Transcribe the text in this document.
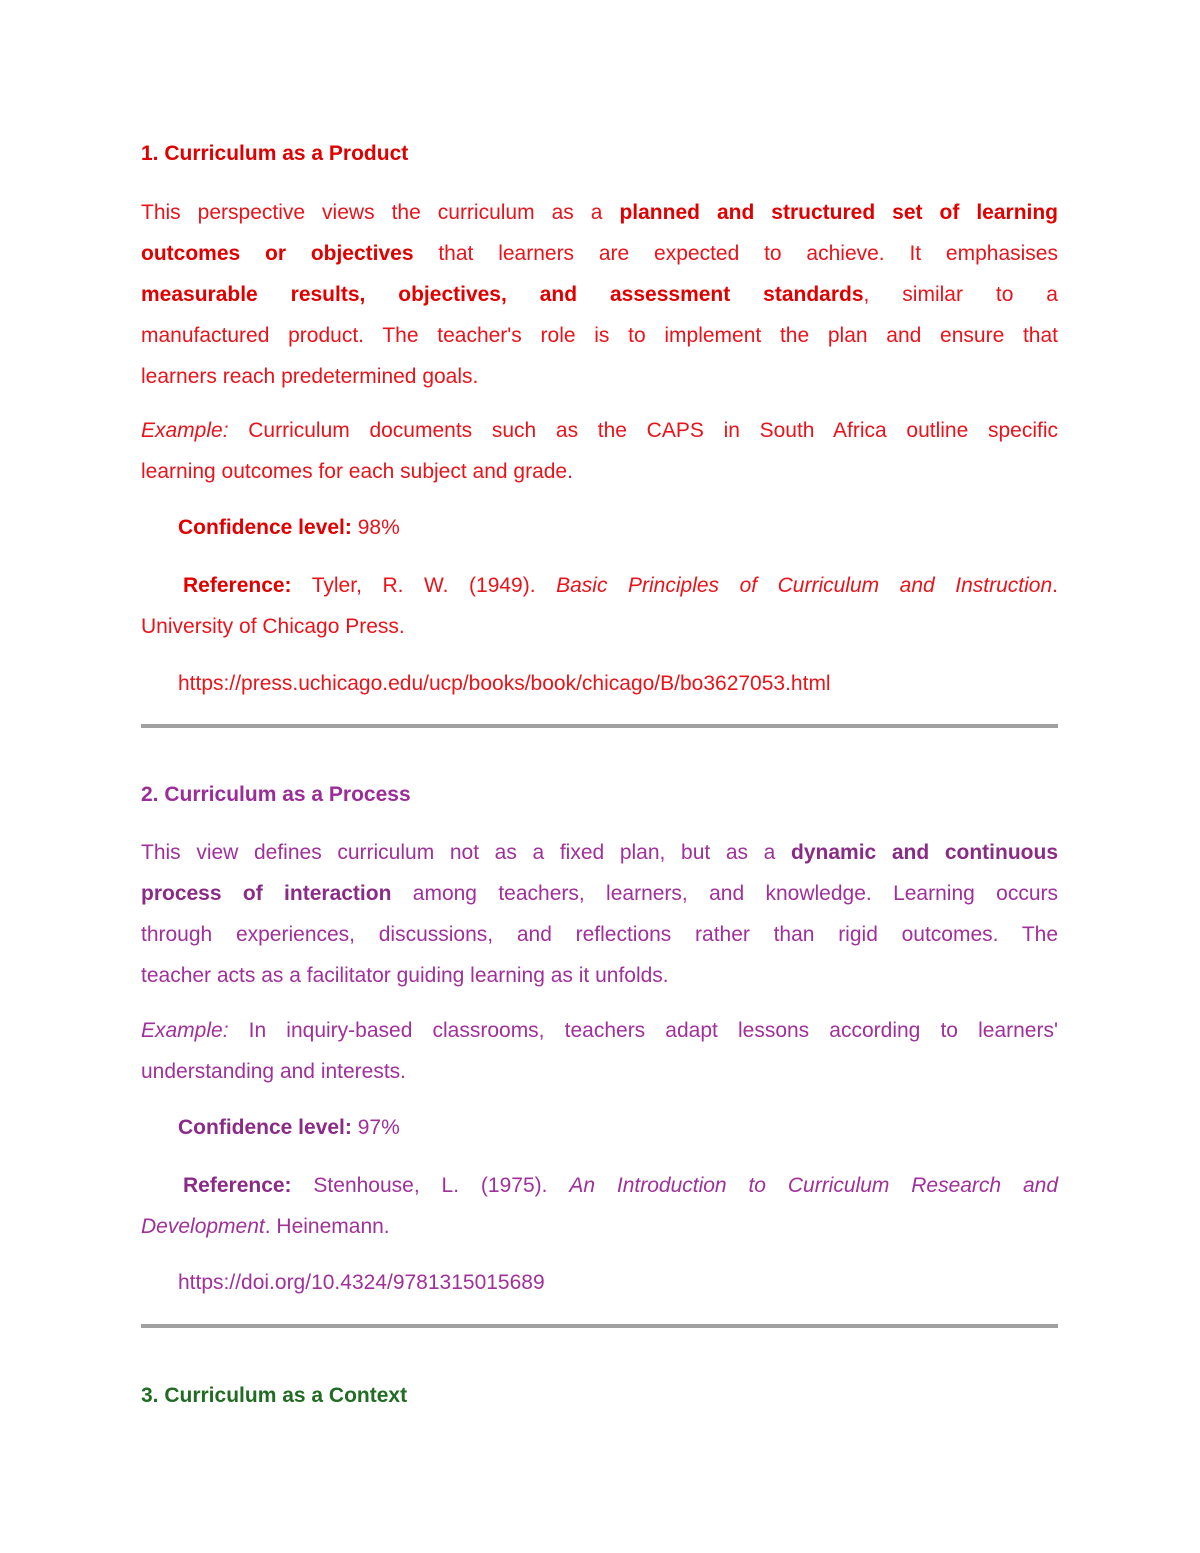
1. Curriculum as a Product
This perspective views the curriculum as a planned and structured set of learning
outcomes or objectives that learners are expected to achieve. It emphasises
measurable results, objectives, and assessment standards, similar to a
manufactured product. The teacher's role is to implement the plan and ensure that
learners reach predetermined goals.
Example: Curriculum documents such as the CAPS in South Africa outline specific
learning outcomes for each subject and grade.

Confidence level: 98%

Reference: Tyler, R. W. (1949). Basic Principles of Curriculum and Instruction.
University of Chicago Press.

https://press.uchicago.edu/ucp/books/book/chicago/B/bo3627053.html

2. Curriculum as a Process
This view defines curriculum not as a fixed plan, but as a dynamic and continuous
process of interaction among teachers, learners, and knowledge. Learning occurs
through experiences, discussions, and reflections rather than rigid outcomes. The
teacher acts as a facilitator guiding learning as it unfolds.
Example: In inquiry-based classrooms, teachers adapt lessons according to learners'
understanding and interests.

Confidence level: 97%

Reference: Stenhouse, L. (1975). An Introduction to Curriculum Research and
Development. Heinemann.

https://doi.org/10.4324/9781315015689

3. Curriculum as a Context
